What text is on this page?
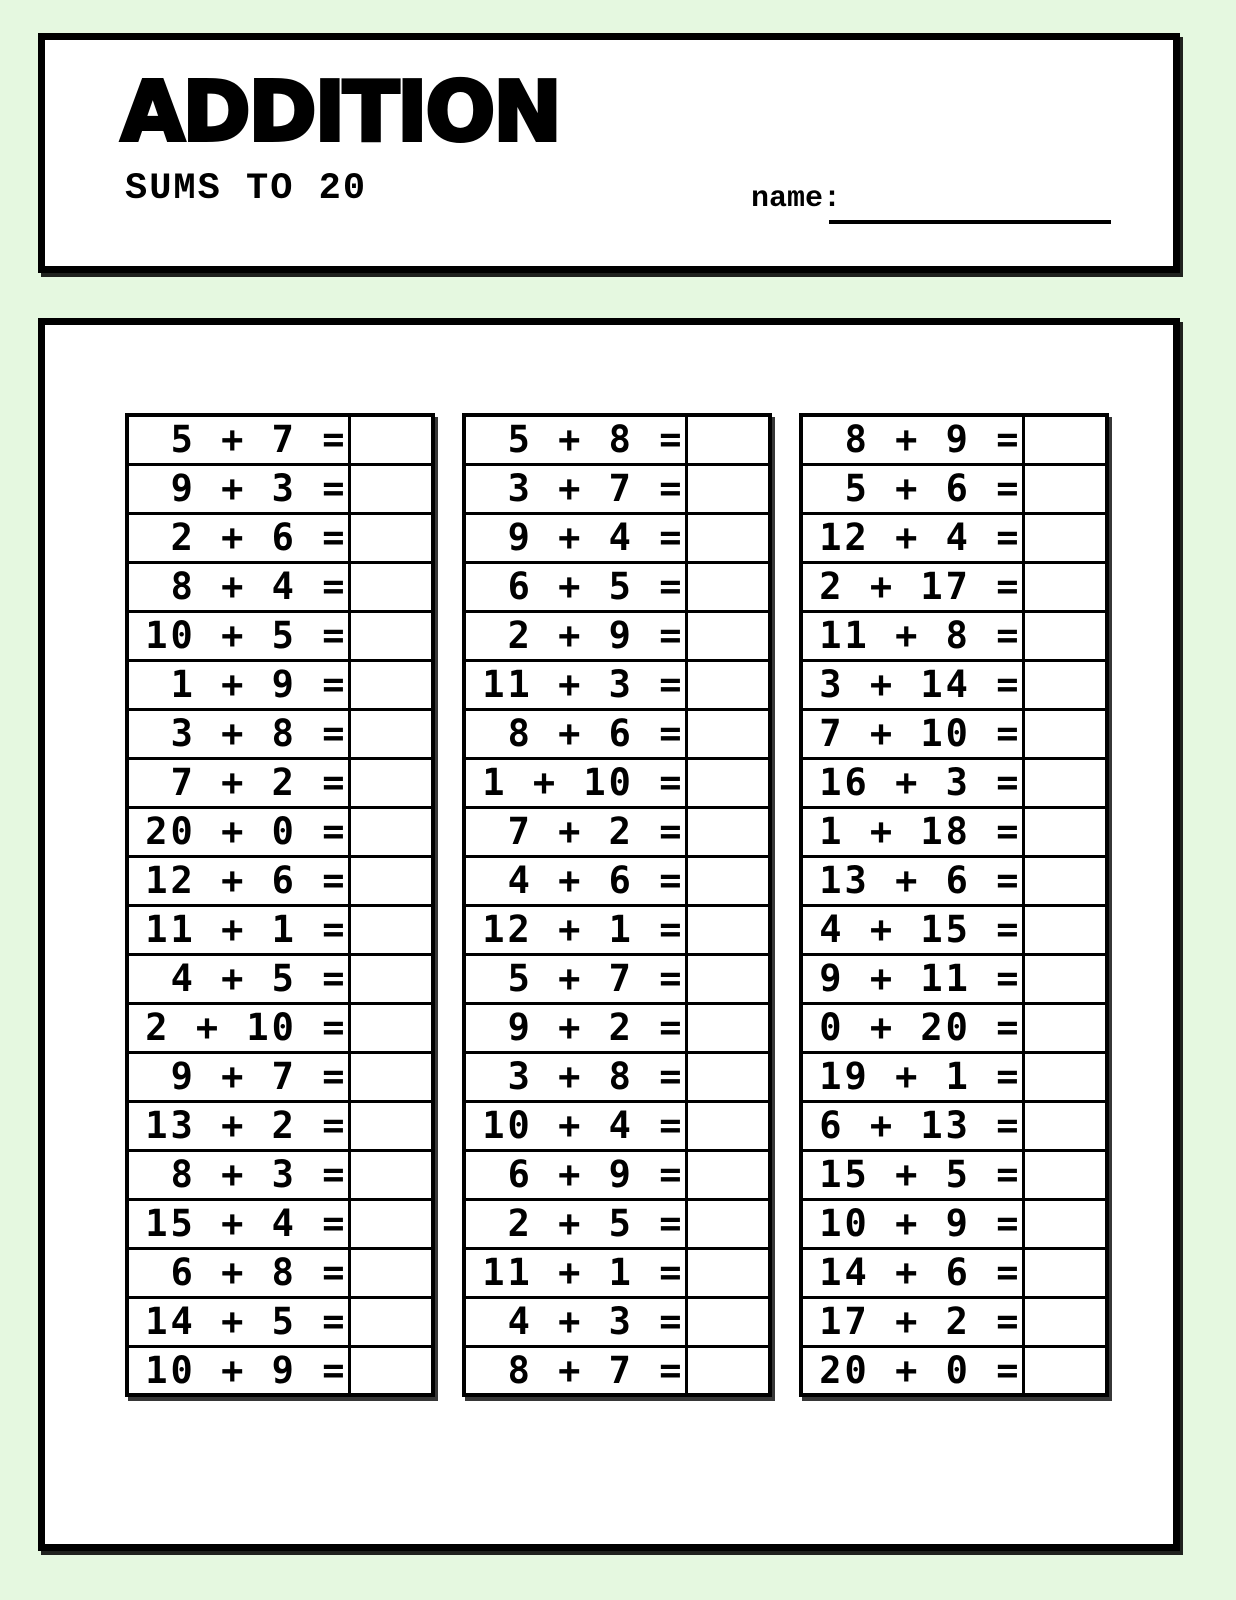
ADDITION
SUMS TO 20	name:
5 + 7 =	
9 + 3 =	
2 + 6 =	
8 + 4 =	
10 + 5 =	
1 + 9 =	
3 + 8 =	
7 + 2 =	
20 + 0 =	
12 + 6 =	
11 + 1 =	
4 + 5 =	
2 + 10 =	
9 + 7 =	
13 + 2 =	
8 + 3 =	
15 + 4 =	
6 + 8 =	
14 + 5 =	
10 + 9 =	
5 + 8 =	
3 + 7 =	
9 + 4 =	
6 + 5 =	
2 + 9 =	
11 + 3 =	
8 + 6 =	
1 + 10 =	
7 + 2 =	
4 + 6 =	
12 + 1 =	
5 + 7 =	
9 + 2 =	
3 + 8 =	
10 + 4 =	
6 + 9 =	
2 + 5 =	
11 + 1 =	
4 + 3 =	
8 + 7 =	
8 + 9 =	
5 + 6 =	
12 + 4 =	
2 + 17 =	
11 + 8 =	
3 + 14 =	
7 + 10 =	
16 + 3 =	
1 + 18 =	
13 + 6 =	
4 + 15 =	
9 + 11 =	
0 + 20 =	
19 + 1 =	
6 + 13 =	
15 + 5 =	
10 + 9 =	
14 + 6 =	
17 + 2 =	
20 + 0 =	
